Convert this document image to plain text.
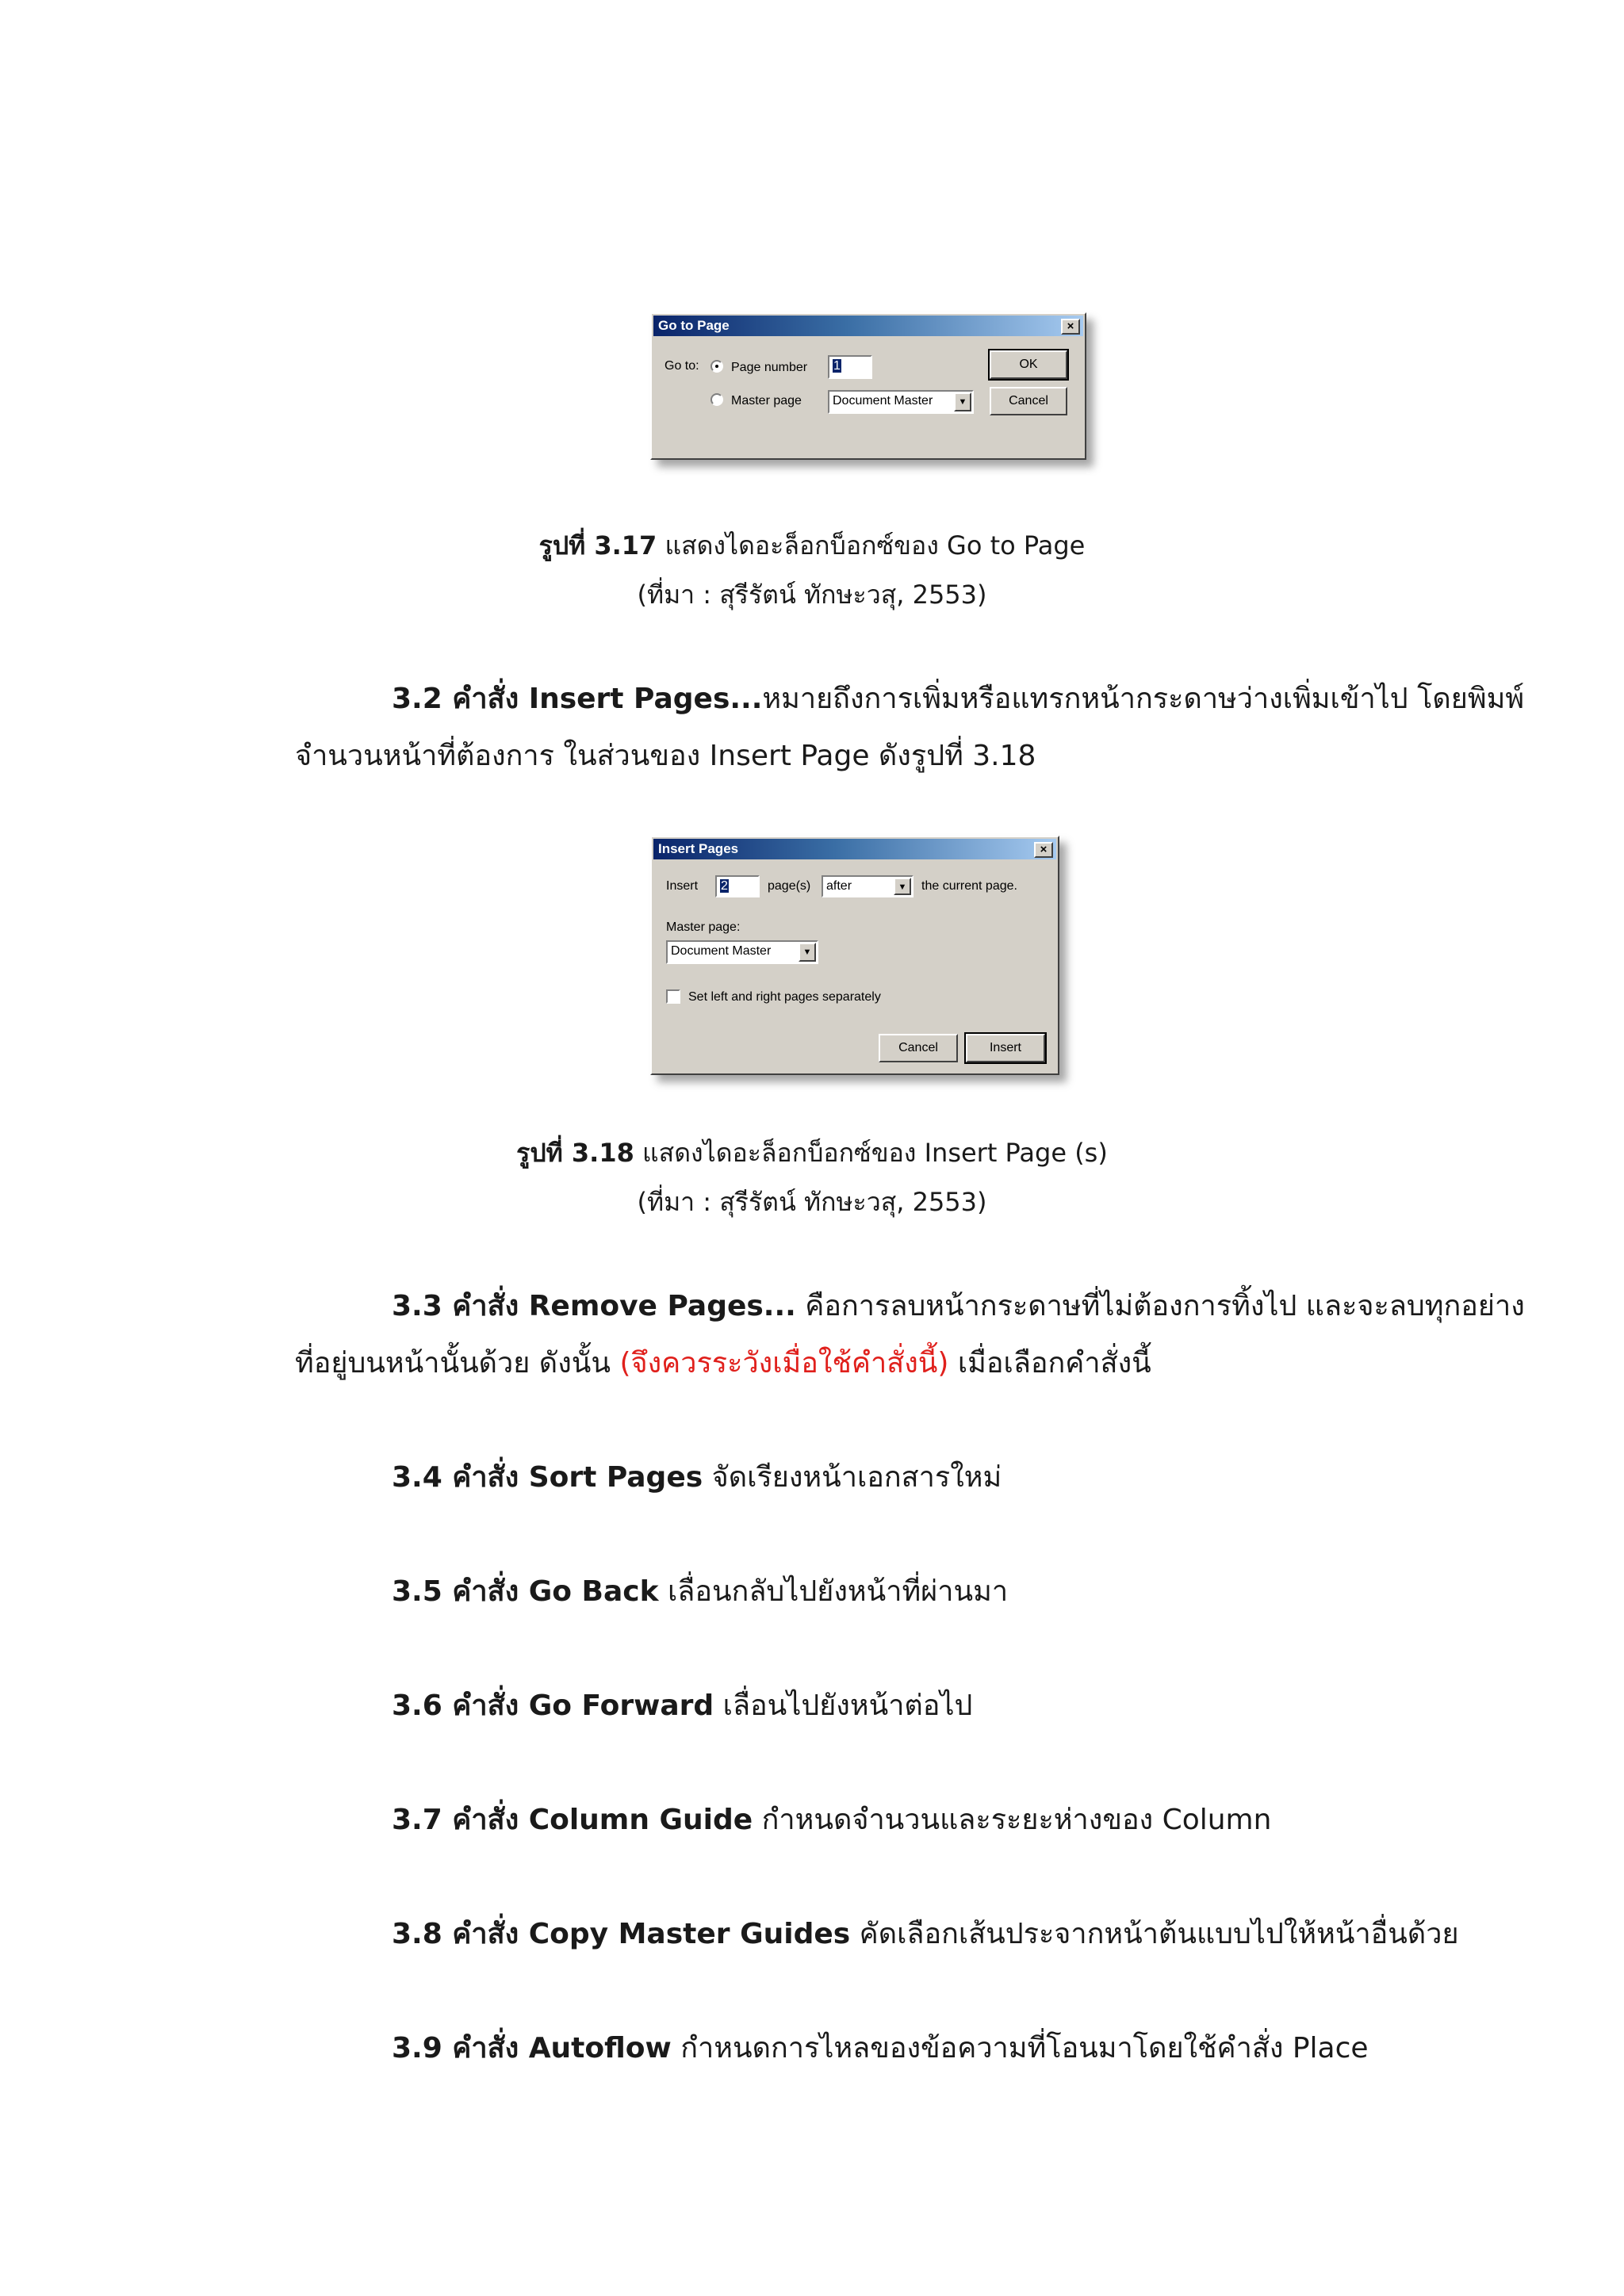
Go to Page	×
Go to:	Page number	1
Master page	Document Master	▼
OK
Cancel
รูปที่ 3.17 แสดงไดอะล็อกบ็อกซ์ของ Go to Page
(ที่มา : สุรีรัตน์ ทักษะวสุ, 2553)
3.2 คำสั่ง Insert Pages...หมายถึงการเพิ่มหรือแทรกหน้ากระดาษว่างเพิ่มเข้าไป โดยพิมพ์
จำนวนหน้าที่ต้องการ ในส่วนของ Insert Page ดังรูปที่ 3.18
Insert Pages	×
Insert	2	page(s)	after	▼	the current page.
Master page:
Document Master	▼
Set left and right pages separately
Cancel	Insert
รูปที่ 3.18 แสดงไดอะล็อกบ็อกซ์ของ Insert Page (s)
(ที่มา : สุรีรัตน์ ทักษะวสุ, 2553)
3.3 คำสั่ง Remove Pages... คือการลบหน้ากระดาษที่ไม่ต้องการทิ้งไป และจะลบทุกอย่าง
ที่อยู่บนหน้านั้นด้วย ดังนั้น (จึงควรระวังเมื่อใช้คำสั่งนี้) เมื่อเลือกคำสั่งนี้
3.4 คำสั่ง Sort Pages จัดเรียงหน้าเอกสารใหม่
3.5 คำสั่ง Go Back เลื่อนกลับไปยังหน้าที่ผ่านมา
3.6 คำสั่ง Go Forward เลื่อนไปยังหน้าต่อไป
3.7 คำสั่ง Column Guide กำหนดจำนวนและระยะห่างของ Column
3.8 คำสั่ง Copy Master Guides คัดเลือกเส้นประจากหน้าต้นแบบไปให้หน้าอื่นด้วย
3.9 คำสั่ง Autoflow กำหนดการไหลของข้อความที่โอนมาโดยใช้คำสั่ง Place
